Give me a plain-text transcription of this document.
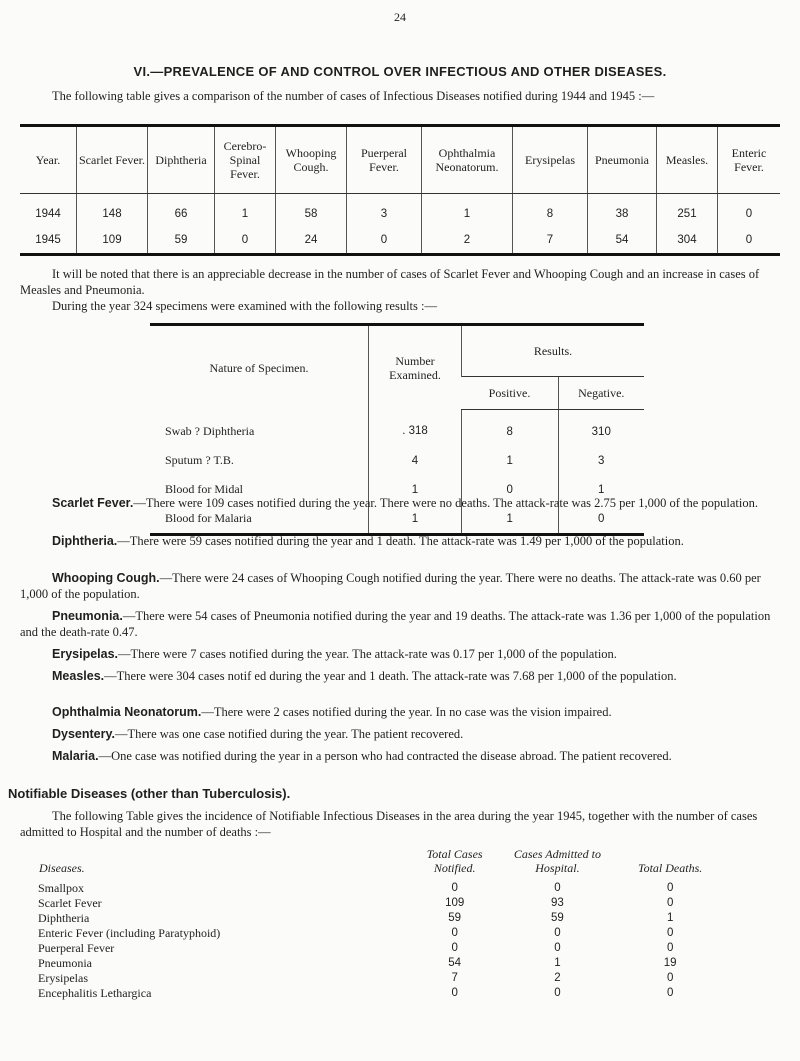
24
VI.—PREVALENCE OF AND CONTROL OVER INFECTIOUS AND OTHER DISEASES.

The following table gives a comparison of the number of cases of Infectious Diseases notified during 1944 and 1945 :—

Year.	Scarlet Fever.	Diphtheria	Cerebro-Spinal Fever.	Whooping Cough.	Puerperal Fever.	Ophthalmia Neonatorum.	Erysipelas	Pneumonia	Measles.	Enteric Fever.
1944	148	66	1	58	3	1	8	38	251	0
1945	109	59	0	24	0	2	7	54	304	0

It will be noted that there is an appreciable decrease in the number of cases of Scarlet Fever and Whooping Cough and an increase in cases of Measles and Pneumonia.

During the year 324 specimens were examined with the following results :—

Nature of Specimen.	Number Examined.	Results.	
		Positive.	Negative.
Swab ? Diphtheria	. 318	8	310
Sputum ? T.B.	4	1	3
Blood for Midal	1	0	1
Blood for Malaria	1	1	0

Scarlet Fever.—There were 109 cases notified during the year. There were no deaths. The attack-rate was 2.75 per 1,000 of the population.

Diphtheria.—There were 59 cases notified during the year and 1 death. The attack-rate was 1.49 per 1,000 of the population.

Whooping Cough.—There were 24 cases of Whooping Cough notified during the year. There were no deaths. The attack-rate was 0.60 per 1,000 of the population.

Pneumonia.—There were 54 cases of Pneumonia notified during the year and 19 deaths. The attack-rate was 1.36 per 1,000 of the population and the death-rate 0.47.

Erysipelas.—There were 7 cases notified during the year. The attack-rate was 0.17 per 1,000 of the population.

Measles.—There were 304 cases notif ed during the year and 1 death. The attack-rate was 7.68 per 1,000 of the population.

Ophthalmia Neonatorum.—There were 2 cases notified during the year. In no case was the vision impaired.

Dysentery.—There was one case notified during the year. The patient recovered.

Malaria.—One case was notified during the year in a person who had contracted the disease abroad. The patient recovered.

Notifiable Diseases (other than Tuberculosis).

The following Table gives the incidence of Notifiable Infectious Diseases in the area during the year 1945, together with the number of cases admitted to Hospital and the number of deaths :—

Diseases.	Total Cases Notified.	Cases Admitted to Hospital.	Total Deaths.
Smallpox	0	0	0
Scarlet Fever	109	93	0
Diphtheria	59	59	1
Enteric Fever (including Paratyphoid)	0	0	0
Puerperal Fever	0	0	0
Pneumonia	54	1	19
Erysipelas	7	2	0
Encephalitis Lethargica	0	0	0
